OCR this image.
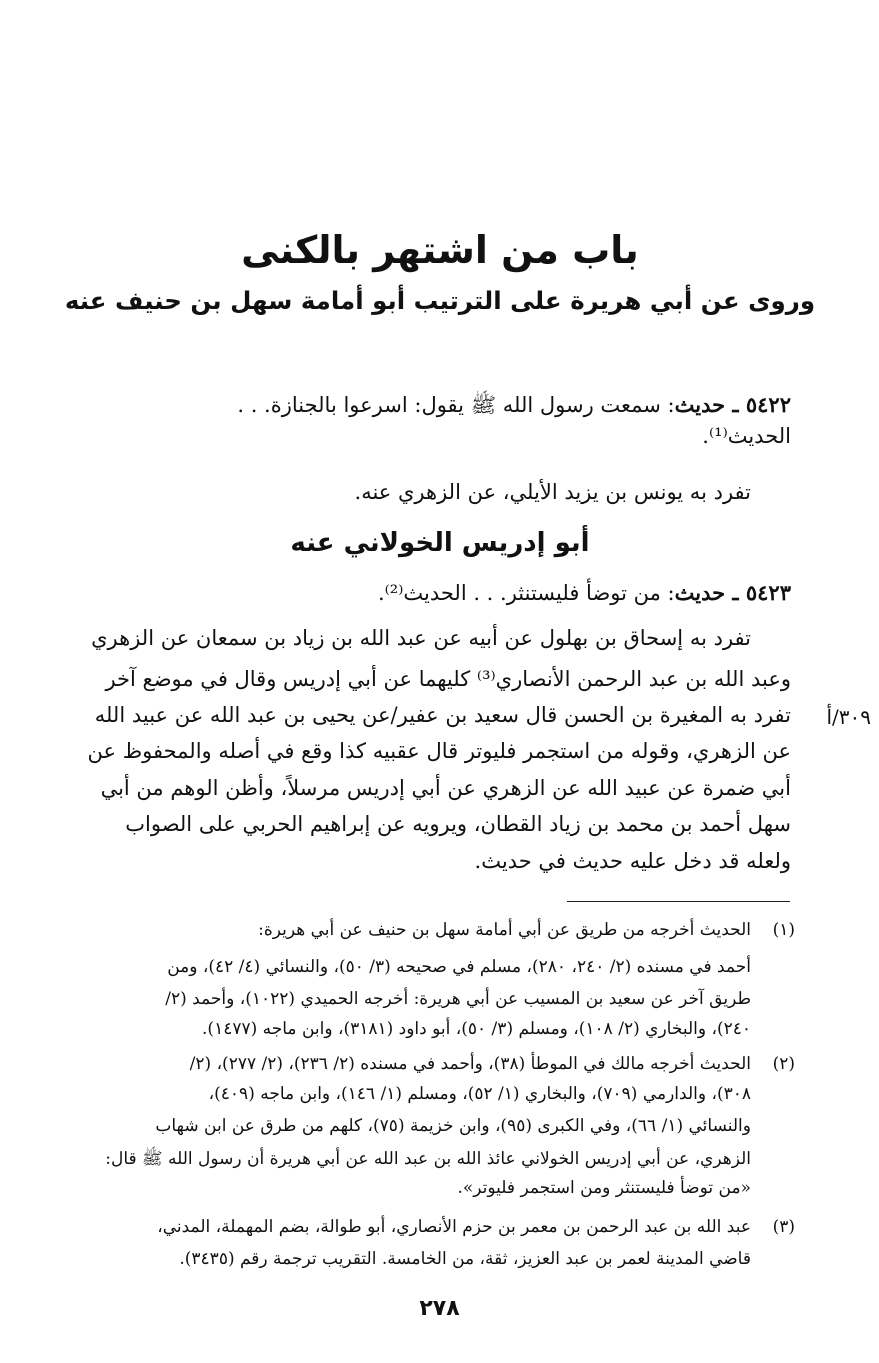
باب من اشتهر بالكنى
وروى عن أبي هريرة على الترتيب أبو أمامة سهل بن حنيف عنه
٥٤٢٢ ـ حديث: سمعت رسول الله ﷺ يقول: اسرعوا بالجنازة. . .
الحديث⁽¹⁾.
تفرد به يونس بن يزيد الأيلي، عن الزهري عنه.
أبو إدريس الخولاني عنه
٥٤٢٣ ـ حديث: من توضأ فليستنثر. . . الحديث⁽²⁾.
تفرد به إسحاق بن بهلول عن أبيه عن عبد الله بن زياد بن سمعان عن الزهري
وعبد الله بن عبد الرحمن الأنصاري⁽³⁾ كليهما عن أبي إدريس وقال في موضع آخر
تفرد به المغيرة بن الحسن قال سعيد بن عفير/عن يحيى بن عبد الله عن عبيد الله
عن الزهري، وقوله من استجمر فليوتر قال عقبيه كذا وقع في أصله والمحفوظ عن
أبي ضمرة عن عبيد الله عن الزهري عن أبي إدريس مرسلاً، وأظن الوهم من أبي
سهل أحمد بن محمد بن زياد القطان، ويرويه عن إبراهيم الحربي على الصواب
ولعله قد دخل عليه حديث في حديث.
٣٠٩/أ
(١)
الحديث أخرجه من طريق عن أبي أمامة سهل بن حنيف عن أبي هريرة:
أحمد في مسنده (٢/ ٢٤٠، ٢٨٠)، مسلم في صحيحه (٣/ ٥٠)، والنسائي (٤/ ٤٢)، ومن
طريق آخر عن سعيد بن المسيب عن أبي هريرة: أخرجه الحميدي (١٠٢٢)، وأحمد (٢/
٢٤٠)، والبخاري (٢/ ١٠٨)، ومسلم (٣/ ٥٠)، أبو داود (٣١٨١)، وابن ماجه (١٤٧٧).
(٢)
الحديث أخرجه مالك في الموطأ (٣٨)، وأحمد في مسنده (٢/ ٢٣٦)، (٢/ ٢٧٧)، (٢/
٣٠٨)، والدارمي (٧٠٩)، والبخاري (١/ ٥٢)، ومسلم (١/ ١٤٦)، وابن ماجه (٤٠٩)،
والنسائي (١/ ٦٦)، وفي الكبرى (٩٥)، وابن خزيمة (٧٥)، كلهم من طرق عن ابن شهاب
الزهري، عن أبي إدريس الخولاني عائذ الله بن عبد الله عن أبي هريرة أن رسول الله ﷺ قال:
«من توضأ فليستنثر ومن استجمر فليوتر».
(٣)
عبد الله بن عبد الرحمن بن معمر بن حزم الأنصاري، أبو طوالة، بضم المهملة، المدني،
قاضي المدينة لعمر بن عبد العزيز، ثقة، من الخامسة. التقريب ترجمة رقم (٣٤٣٥).
٢٧٨
